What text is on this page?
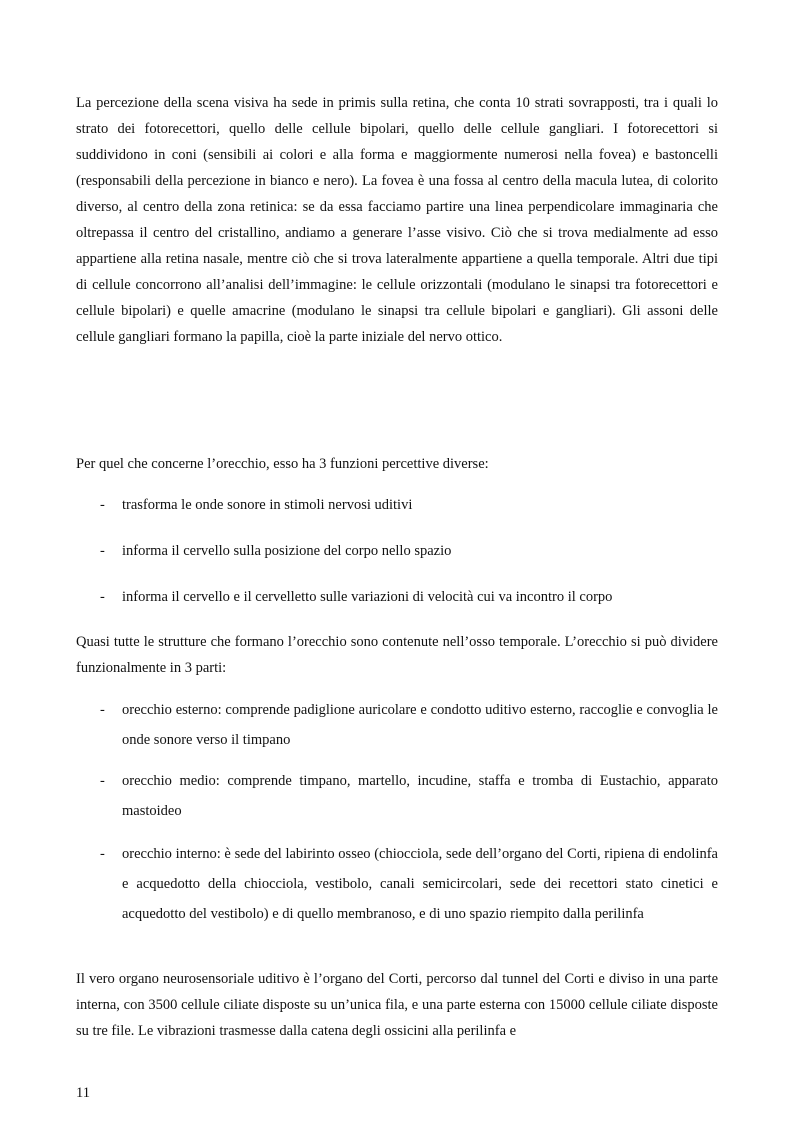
La percezione della scena visiva ha sede in primis sulla retina, che conta 10 strati sovrapposti, tra i quali lo strato dei fotorecettori, quello delle cellule bipolari, quello delle cellule gangliari. I fotorecettori si suddividono in coni (sensibili ai colori e alla forma e maggiormente numerosi nella fovea) e bastoncelli (responsabili della percezione in bianco e nero). La fovea è una fossa al centro della macula lutea, di colorito diverso, al centro della zona retinica: se da essa facciamo partire una linea perpendicolare immaginaria che oltrepassa il centro del cristallino, andiamo a generare l’asse visivo. Ciò che si trova medialmente ad esso appartiene alla retina nasale, mentre ciò che si trova lateralmente appartiene a quella temporale. Altri due tipi di cellule concorrono all’analisi dell’immagine: le cellule orizzontali (modulano le sinapsi tra fotorecettori e cellule bipolari) e quelle amacrine (modulano le sinapsi tra cellule bipolari e gangliari). Gli assoni delle cellule gangliari formano la papilla, cioè la parte iniziale del nervo ottico.

Per quel che concerne l’orecchio, esso ha 3 funzioni percettive diverse:

- trasforma le onde sonore in stimoli nervosi uditivi
- informa il cervello sulla posizione del corpo nello spazio
- informa il cervello e il cervelletto sulle variazioni di velocità cui va incontro il corpo

Quasi tutte le strutture che formano l’orecchio sono contenute nell’osso temporale. L’orecchio si può dividere funzionalmente in 3 parti:

- orecchio esterno: comprende padiglione auricolare e condotto uditivo esterno, raccoglie e convoglia le onde sonore verso il timpano
- orecchio medio: comprende timpano, martello, incudine, staffa e tromba di Eustachio, apparato mastoideo
- orecchio interno: è sede del labirinto osseo (chiocciola, sede dell’organo del Corti, ripiena di endolinfa e acquedotto della chiocciola, vestibolo, canali semicircolari, sede dei recettori stato cinetici e acquedotto del vestibolo) e di quello membranoso, e di uno spazio riempito dalla perilinfa

Il vero organo neurosensoriale uditivo è l’organo del Corti, percorso dal tunnel del Corti e diviso in una parte interna, con 3500 cellule ciliate disposte su un’unica fila, e una parte esterna con 15000 cellule ciliate disposte su tre file. Le vibrazioni trasmesse dalla catena degli ossicini alla perilinfa e

11
